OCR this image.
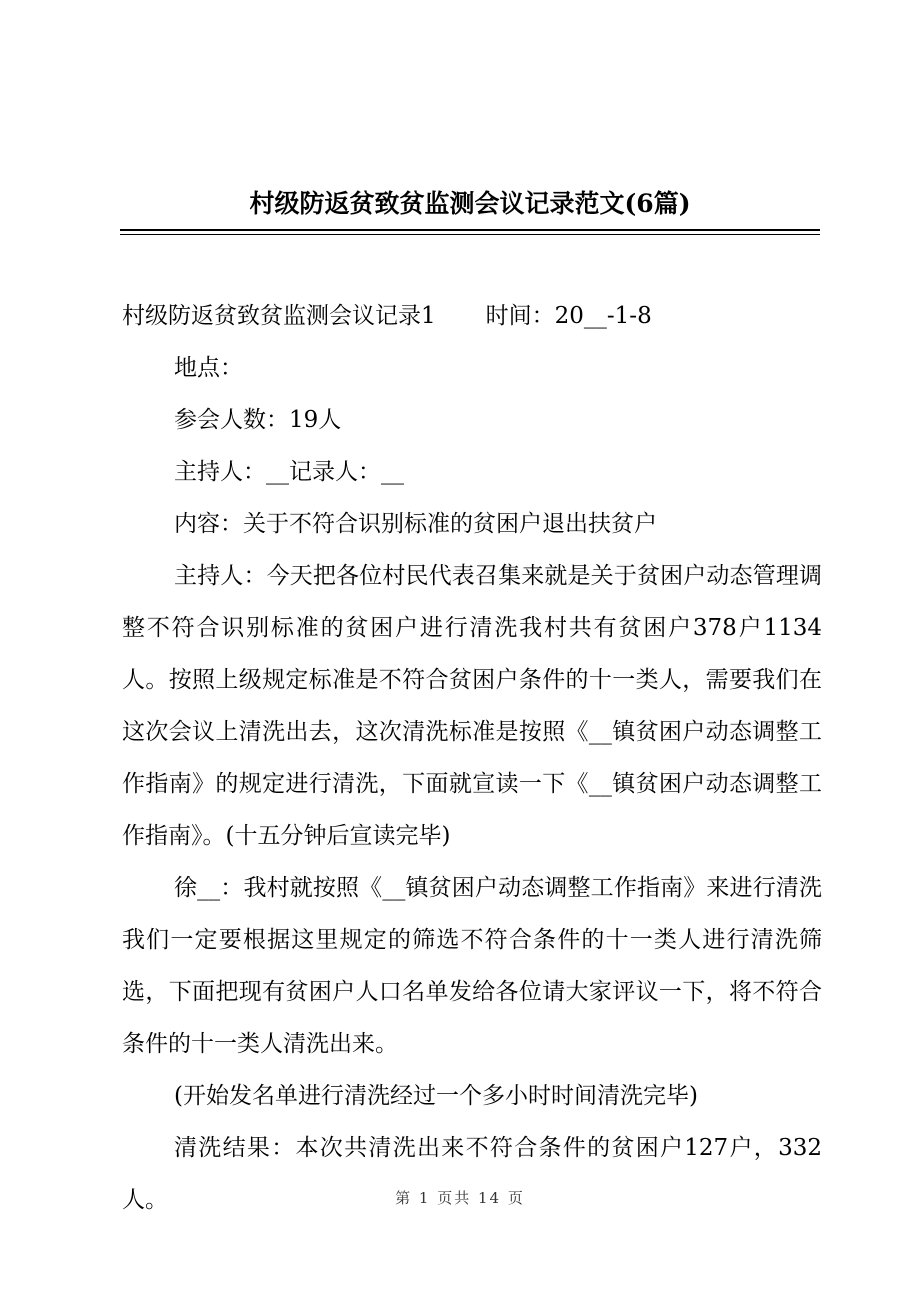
村级防返贫致贫监测会议记录范文(6篇)

村级防返贫致贫监测会议记录1 时间：20__-1-8

地点：

参会人数：19人

主持人：__记录人：__

内容：关于不符合识别标准的贫困户退出扶贫户

主持人：今天把各位村民代表召集来就是关于贫困户动态管理调整不符合识别标准的贫困户进行清洗我村共有贫困户378户1134人。按照上级规定标准是不符合贫困户条件的十一类人，需要我们在这次会议上清洗出去，这次清洗标准是按照《__镇贫困户动态调整工作指南》的规定进行清洗，下面就宣读一下《__镇贫困户动态调整工作指南》。(十五分钟后宣读完毕)

徐__：我村就按照《__镇贫困户动态调整工作指南》来进行清洗我们一定要根据这里规定的筛选不符合条件的十一类人进行清洗筛选，下面把现有贫困户人口名单发给各位请大家评议一下，将不符合条件的十一类人清洗出来。

(开始发名单进行清洗经过一个多小时时间清洗完毕)

清洗结果：本次共清洗出来不符合条件的贫困户127户，332人。	第 1 页共 14 页
